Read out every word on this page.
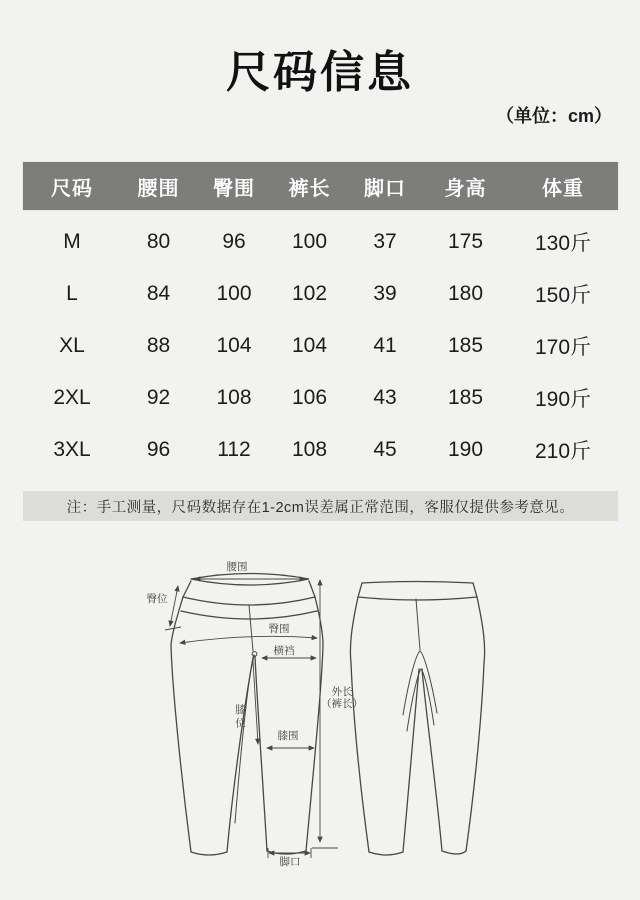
尺码信息
（单位：cm）
尺码	腰围	臀围	裤长	脚口	身高	体重
M	80	96	100	37	175	130斤
L	84	100	102	39	180	150斤
XL	88	104	104	41	185	170斤
2XL	92	108	106	43	185	190斤
3XL	96	112	108	45	190	210斤
注：手工测量，尺码数据存在1-2cm误差属正常范围，客服仅提供参考意见。
腰围
臀位
臀围
横裆
膝位
膝围
外长
（裤长）
脚口
